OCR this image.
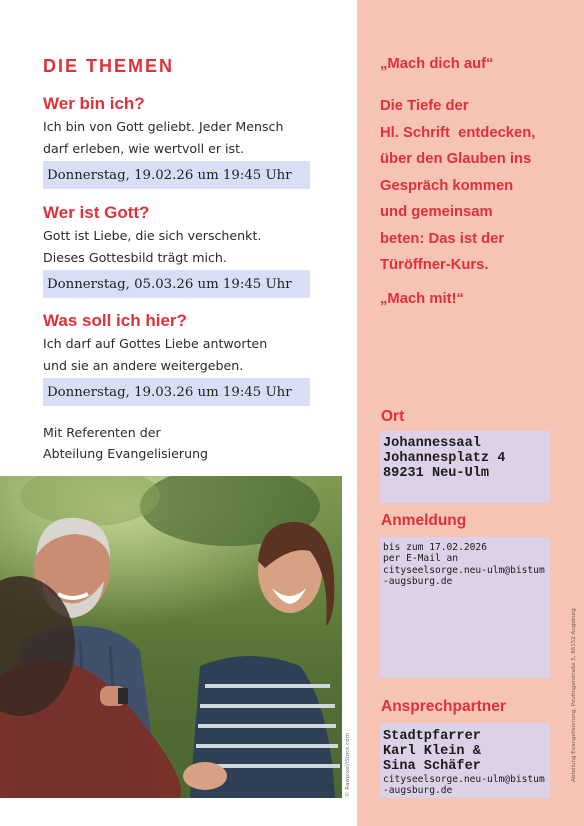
DIE THEMEN
Wer bin ich?
Ich bin von Gott geliebt. Jeder Mensch
darf erleben, wie wertvoll er ist.
Donnerstag, 19.02.26 um 19:45 Uhr
Wer ist Gott?
Gott ist Liebe, die sich verschenkt.
Dieses Gottesbild trägt mich.
Donnerstag, 05.03.26 um 19:45 Uhr
Was soll ich hier?
Ich darf auf Gottes Liebe antworten
und sie an andere weitergeben.
Donnerstag, 19.03.26 um 19:45 Uhr
Mit Referenten der
Abteilung Evangelisierung
© Rawpixel/iStock.com
„Mach dich auf“
Die Tiefe der
Hl. Schrift  entdecken,
über den Glauben ins
Gespräch kommen
und gemeinsam
beten: Das ist der
Türöffner-Kurs.
„Mach mit!“
Ort
Johannessaal
Johannesplatz 4
89231 Neu-Ulm
Anmeldung
bis zum 17.02.2026
per E-Mail an
cityseelsorge.neu-ulm@bistum
-augsburg.de
Ansprechpartner
Stadtpfarrer
Karl Klein &
Sina Schäfer
cityseelsorge.neu-ulm@bistum
-augsburg.de
Abteilung Evangelisierung, Peutingerstraße 5, 86152 Augsburg
